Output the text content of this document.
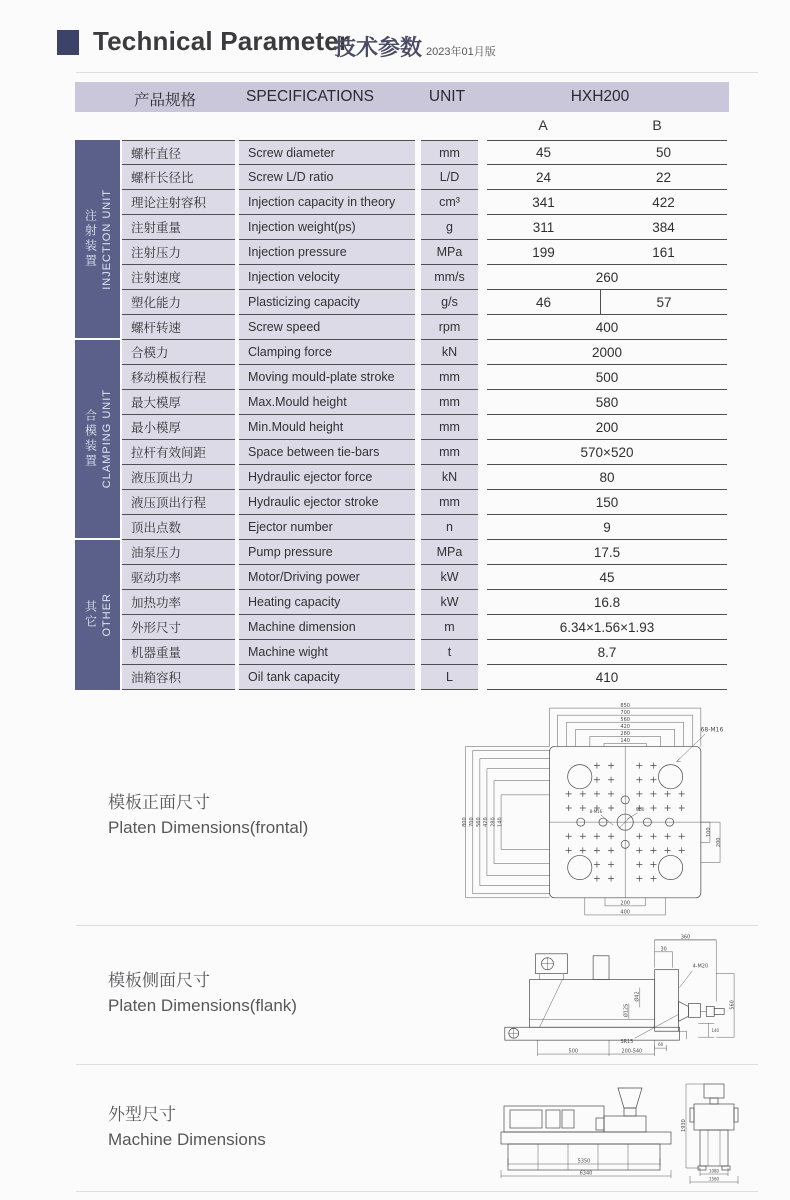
Technical Parameter
技术参数 2023年01月版
产品规格	SPECIFICATIONS	UNIT	HXH200
A	B
注射装置 INJECTION UNIT
合模装置 CLAMPING UNIT
其它 OTHER
螺杆直径	Screw diameter	mm	45	50
螺杆长径比	Screw L/D ratio	L/D	24	22
理论注射容积	Injection capacity in theory	cm³	341	422
注射重量	Injection weight(ps)	g	311	384
注射压力	Injection pressure	MPa	199	161
注射速度	Injection velocity	mm/s	260
塑化能力	Plasticizing capacity	g/s	46	57
螺杆转速	Screw speed	rpm	400
合模力	Clamping force	kN	2000
移动模板行程	Moving mould-plate stroke	mm	500
最大模厚	Max.Mould height	mm	580
最小模厚	Min.Mould height	mm	200
拉杆有效间距	Space between tie-bars	mm	570×520
液压顶出力	Hydraulic ejector force	kN	80
液压顶出行程	Hydraulic ejector stroke	mm	150
顶出点数	Ejector number	n	9
油泵压力	Pump pressure	MPa	17.5
驱动功率	Motor/Driving power	kW	45
加热功率	Heating capacity	kW	16.8
外形尺寸	Machine dimension	m	6.34×1.56×1.93
机器重量	Machine wight	t	8.7
油箱容积	Oil tank capacity	L	410
模板正面尺寸
Platen Dimensions(frontal)
850
700
560
420
280
140
800 700 560 420 280 140
100
200
200
400
68-M16
8-M16	Ø50
模板侧面尺寸
Platen Dimensions(flank)
360
30
4-M20
Ø42
Ø125
SR15
560
140
60
500	200-540
外型尺寸
Machine Dimensions
5350
6340
1930
1080
1560
